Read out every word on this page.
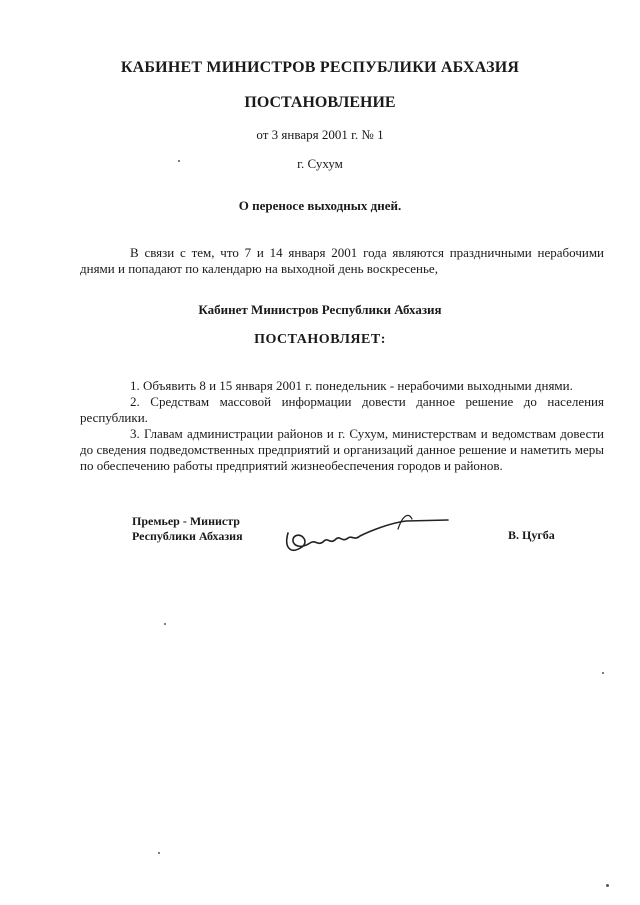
КАБИНЕТ МИНИСТРОВ РЕСПУБЛИКИ АБХАЗИЯ
ПОСТАНОВЛЕНИЕ
от 3 января 2001 г. № 1
г. Сухум
О переносе выходных дней.
В связи с тем, что 7 и 14 января 2001 года являются праздничными нерабочими днями и попадают по календарю на выходной день воскресенье,
Кабинет Министров Республики Абхазия
ПОСТАНОВЛЯЕТ:
1. Объявить 8 и 15 января 2001 г. понедельник - нерабочими выходными днями.
2. Средствам массовой информации довести данное решение до населения республики.
3. Главам администрации районов и г. Сухум, министерствам и ведомствам довести до сведения подведомственных предприятий и организаций данное решение и наметить меры по обеспечению работы предприятий жизнеобеспечения городов и районов.
Премьер - Министр
Республики Абхазия	В. Цугба
